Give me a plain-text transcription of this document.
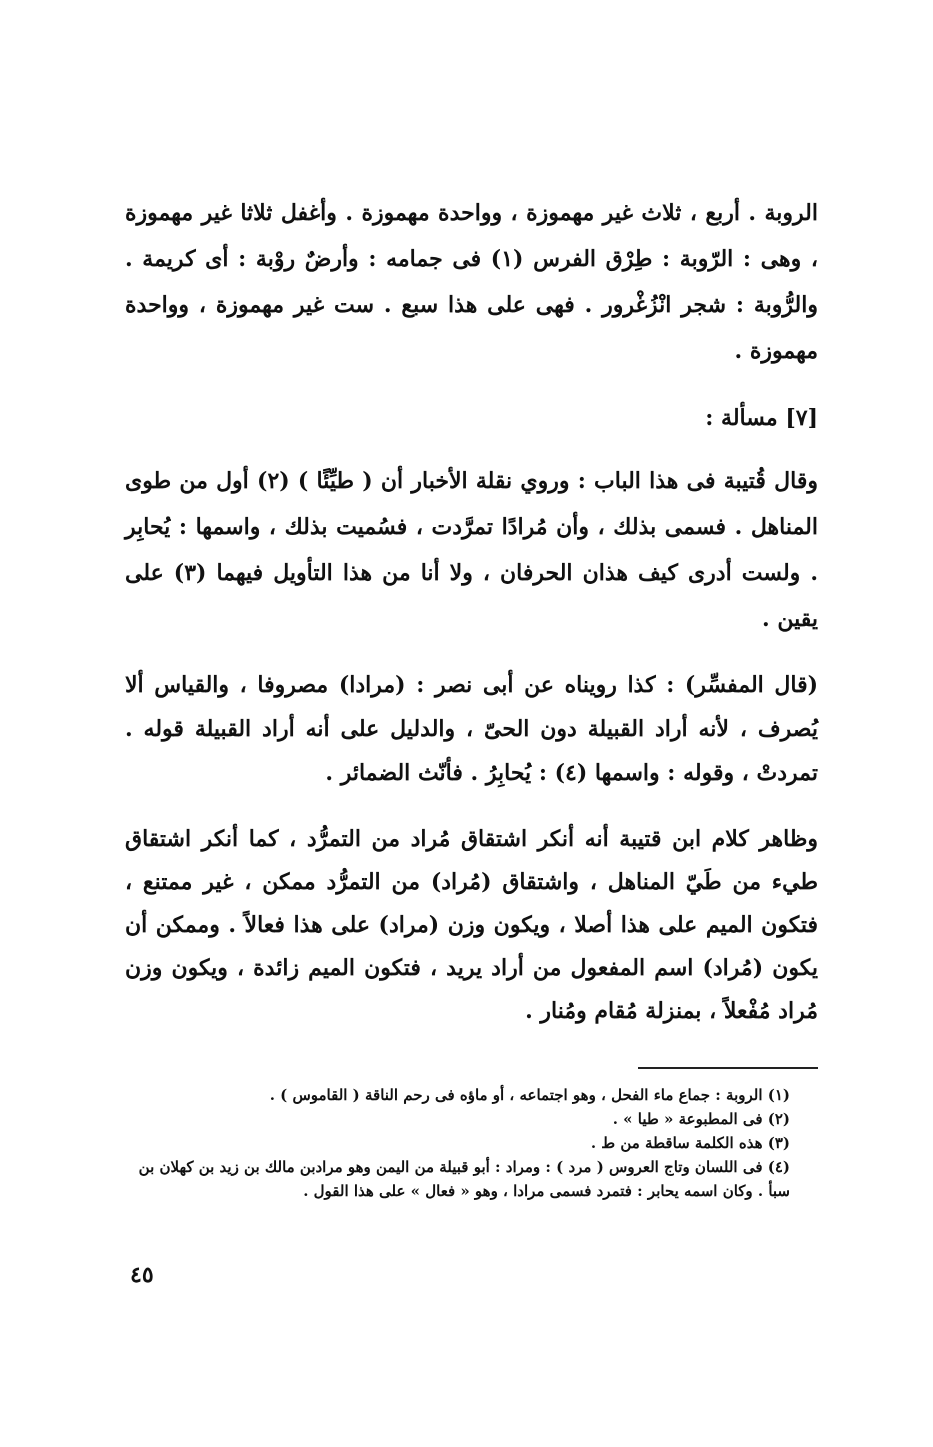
الروبة . أربع ، ثلاث غير مهموزة ، وواحدة مهموزة . وأغفل ثلاثا غير مهموزة ، وهى : الرّوبة : طِرْق الفرس (١) فى جمامه : وأرضٌ روْبة : أى كريمة . والرُّوبة : شجر انْزُغْرور . فهى على هذا سبع . ست غير مهموزة ، وواحدة مهموزة .

[٧] مسألة :

وقال قُتيبة فى هذا الباب : وروي نقلة الأخبار أن ( طيِّئًا ) (٢) أول من طوى المناهل . فسمى بذلك ، وأن مُرادًا تمرَّدت ، فسُميت بذلك ، واسمها : يُحابِر . ولست أدرى كيف هذان الحرفان ، ولا أنا من هذا التأويل فيهما (٣) على يقين .

(قال المفسِّر) : كذا رويناه عن أبى نصر : (مرادا) مصروفا ، والقياس ألا يُصرف ، لأنه أراد القبيلة دون الحىّ ، والدليل على أنه أراد القبيلة قوله . تمردتْ ، وقوله : واسمها (٤) : يُحابِرُ . فأنّث الضمائر .

وظاهر كلام ابن قتيبة أنه أنكر اشتقاق مُراد من التمرُّد ، كما أنكر اشتقاق طيء من طَيّ المناهل ، واشتقاق (مُراد) من التمرُّد ممكن ، غير ممتنع ، فتكون الميم على هذا أصلا ، ويكون وزن (مراد) على هذا فعالاً . وممكن أن يكون (مُراد) اسم المفعول من أراد يريد ، فتكون الميم زائدة ، ويكون وزن مُراد مُفْعلاً ، بمنزلة مُقام ومُنار .

(١) الروبة : جماع ماء الفحل ، وهو اجتماعه ، أو ماؤه فى رحم الناقة ( القاموس ) .
(٢) فى المطبوعة « طيا » .
(٣) هذه الكلمة ساقطة من ط .
(٤) فى اللسان وتاج العروس ( مرد ) : ومراد : أبو قبيلة من اليمن وهو مرادبن مالك بن زيد بن كهلان بن سبأ . وكان اسمه يحابر : فتمرد فسمى مرادا ، وهو « فعال » على هذا القول .
٤٥
